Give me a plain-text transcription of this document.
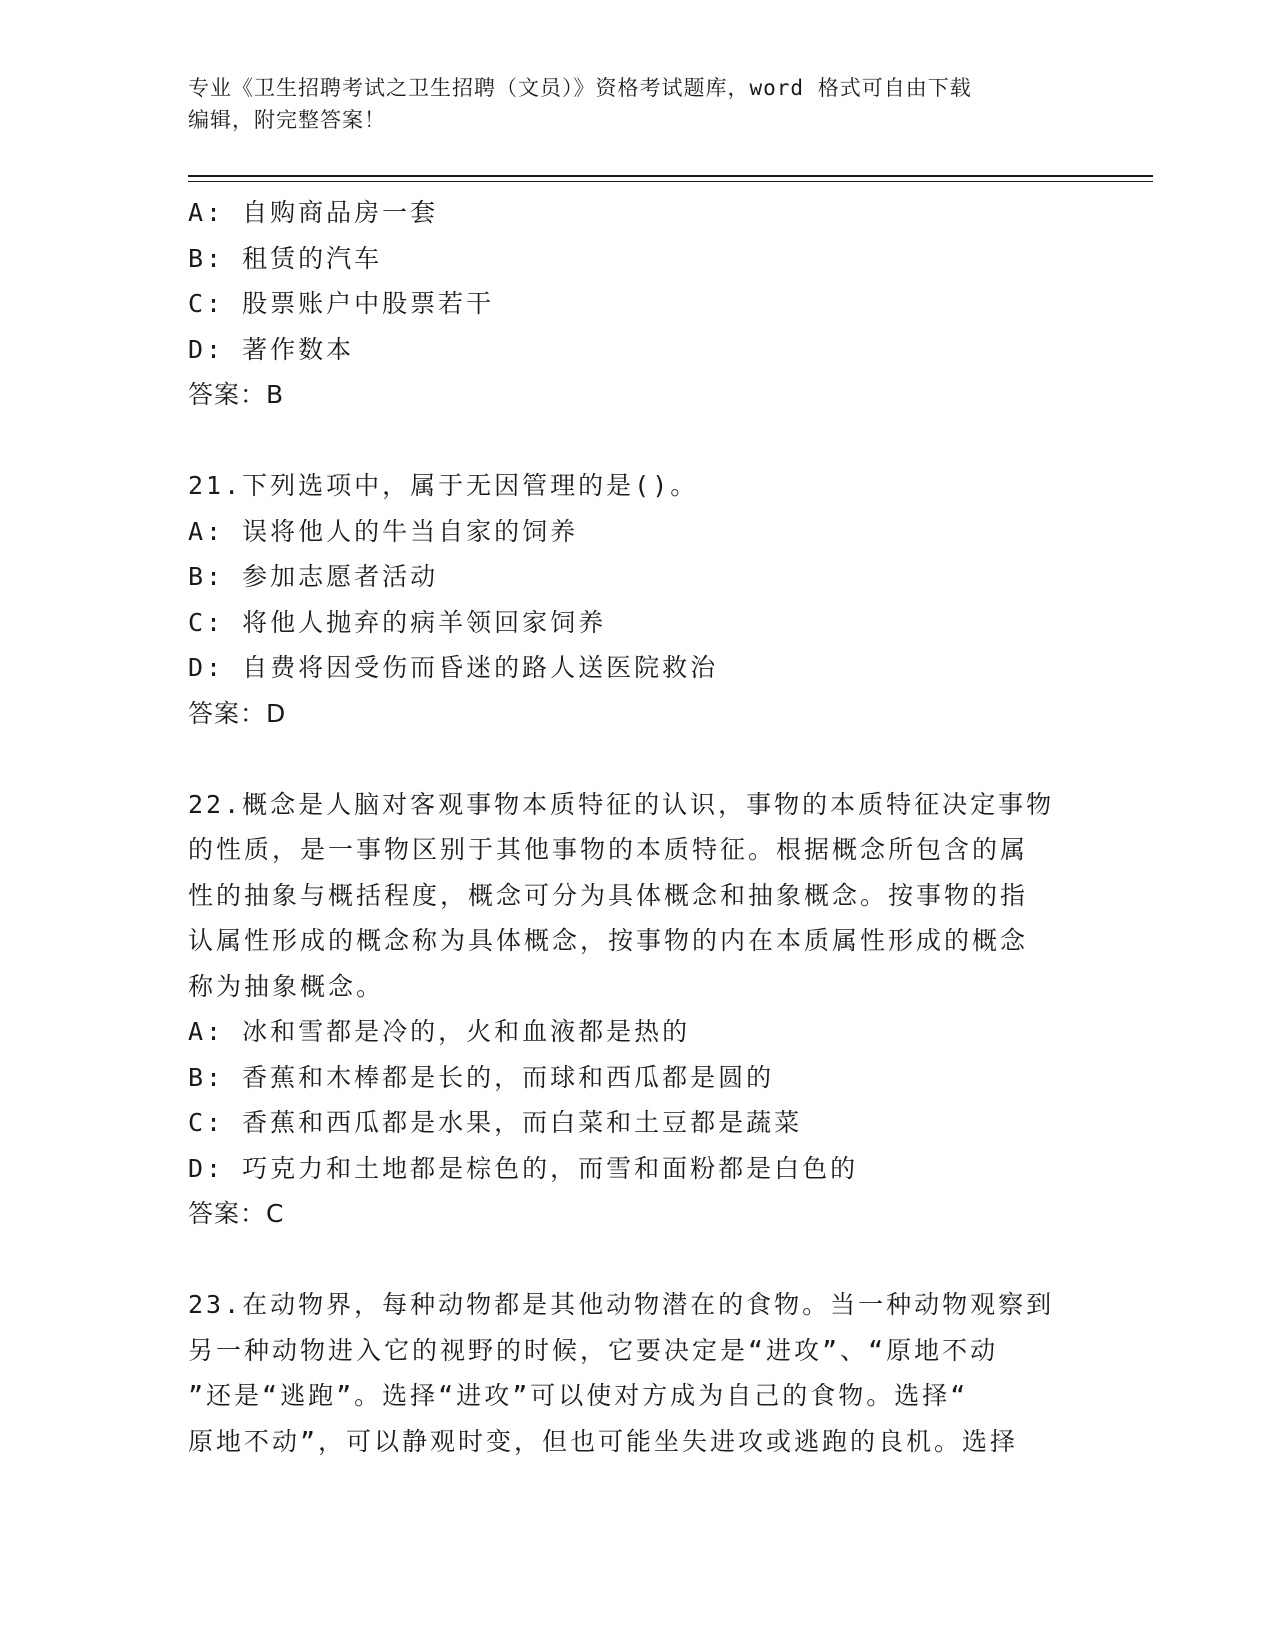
专业《卫生招聘考试之卫生招聘（文员）》资格考试题库，word 格式可自由下载
编辑，附完整答案！
A: 自购商品房一套
B: 租赁的汽车
C: 股票账户中股票若干
D: 著作数本
答案：B
21.下列选项中，属于无因管理的是()。
A: 误将他人的牛当自家的饲养
B: 参加志愿者活动
C: 将他人抛弃的病羊领回家饲养
D: 自费将因受伤而昏迷的路人送医院救治
答案：D
22.概念是人脑对客观事物本质特征的认识，事物的本质特征决定事物
的性质，是一事物区别于其他事物的本质特征。根据概念所包含的属
性的抽象与概括程度，概念可分为具体概念和抽象概念。按事物的指
认属性形成的概念称为具体概念，按事物的内在本质属性形成的概念
称为抽象概念。
A: 冰和雪都是冷的，火和血液都是热的
B: 香蕉和木棒都是长的，而球和西瓜都是圆的
C: 香蕉和西瓜都是水果，而白菜和土豆都是蔬菜
D: 巧克力和土地都是棕色的，而雪和面粉都是白色的
答案：C
23.在动物界，每种动物都是其他动物潜在的食物。当一种动物观察到
另一种动物进入它的视野的时候，它要决定是“进攻”、“原地不动
”还是“逃跑”。选择“进攻”可以使对方成为自己的食物。选择“
原地不动”，可以静观时变，但也可能坐失进攻或逃跑的良机。选择
